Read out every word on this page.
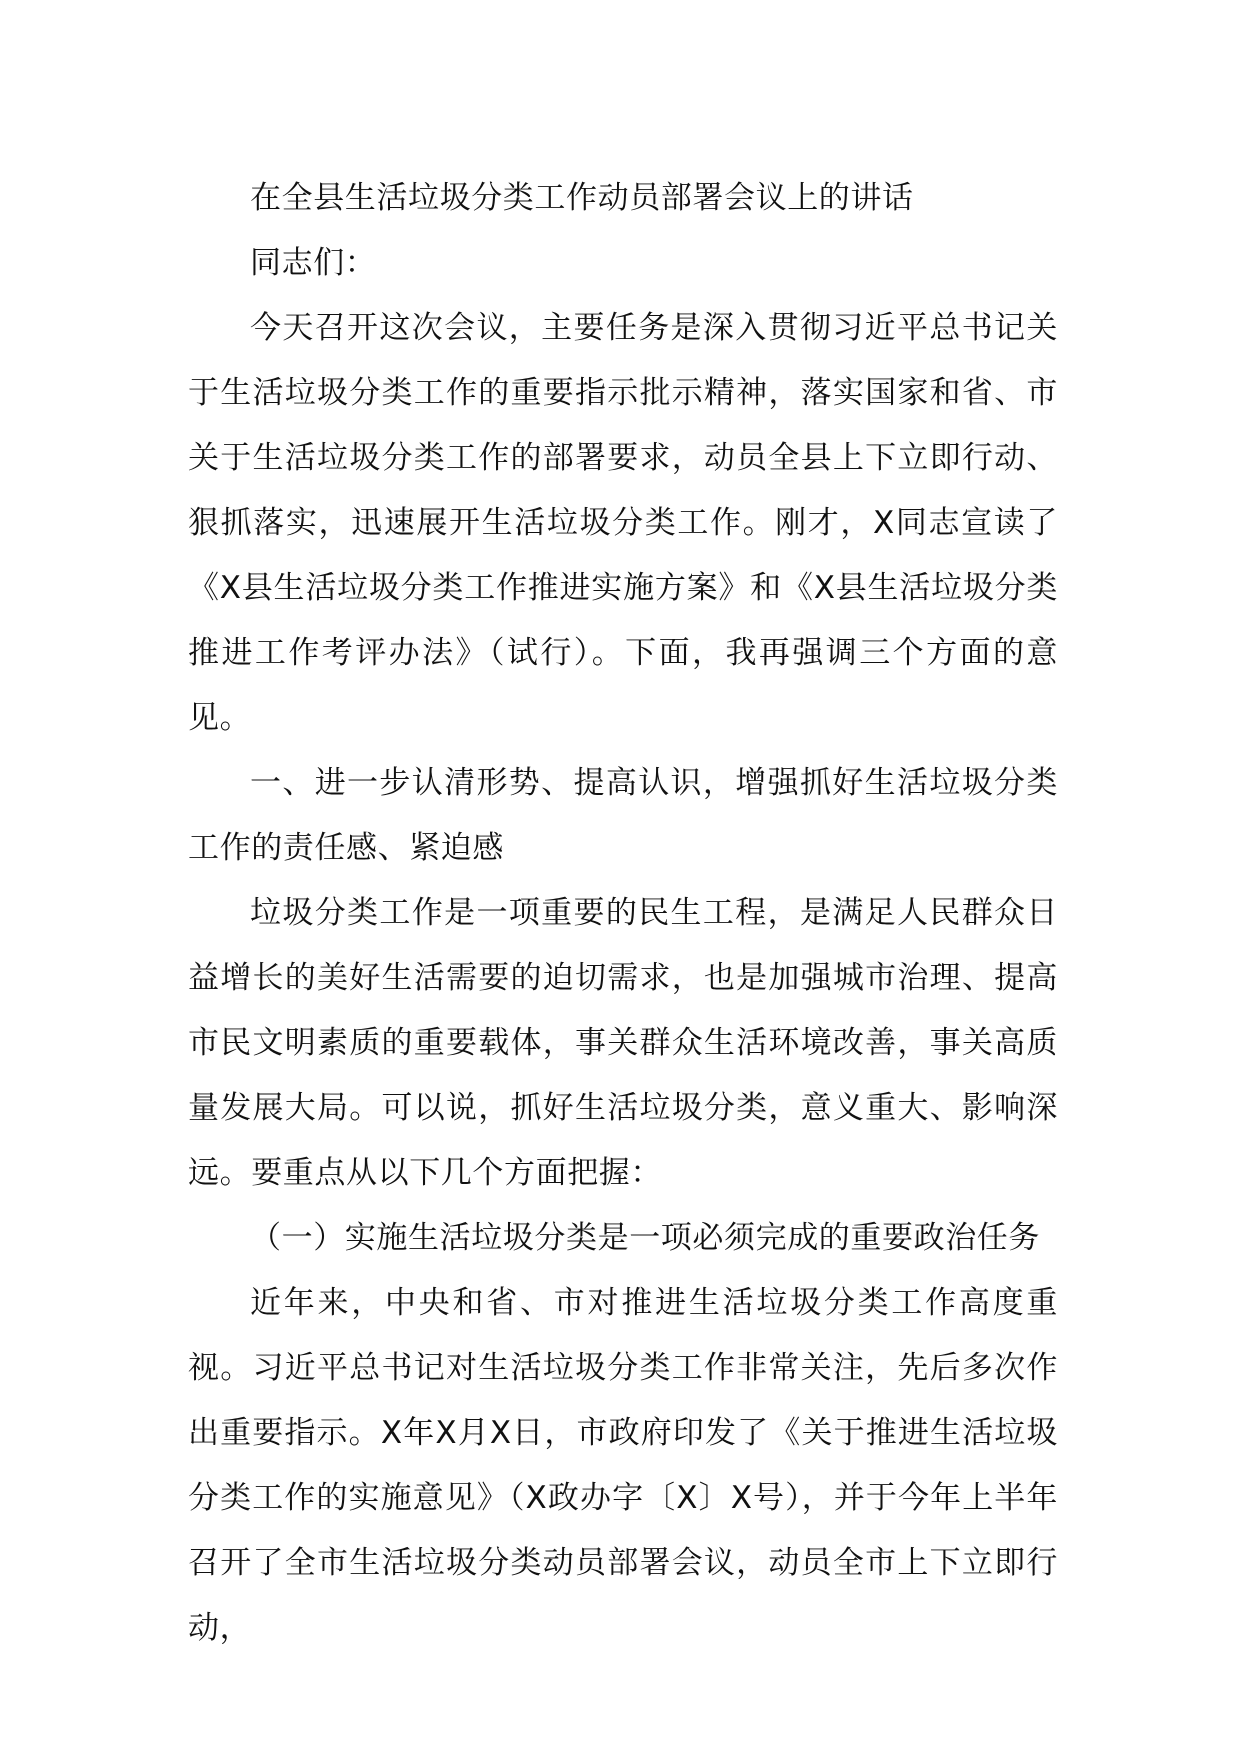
在全县生活垃圾分类工作动员部署会议上的讲话

同志们：

今天召开这次会议，主要任务是深入贯彻习近平总书记关于生活垃圾分类工作的重要指示批示精神，落实国家和省、市关于生活垃圾分类工作的部署要求，动员全县上下立即行动、狠抓落实，迅速展开生活垃圾分类工作。刚才，X同志宣读了《X县生活垃圾分类工作推进实施方案》和《X县生活垃圾分类推进工作考评办法》（试行）。下面，我再强调三个方面的意见。

一、进一步认清形势、提高认识，增强抓好生活垃圾分类工作的责任感、紧迫感

垃圾分类工作是一项重要的民生工程，是满足人民群众日益增长的美好生活需要的迫切需求，也是加强城市治理、提高市民文明素质的重要载体，事关群众生活环境改善，事关高质量发展大局。可以说，抓好生活垃圾分类，意义重大、影响深远。要重点从以下几个方面把握：

（一）实施生活垃圾分类是一项必须完成的重要政治任务

近年来，中央和省、市对推进生活垃圾分类工作高度重视。习近平总书记对生活垃圾分类工作非常关注，先后多次作出重要指示。X年X月X日，市政府印发了《关于推进生活垃圾分类工作的实施意见》（X政办字〔X〕X号），并于今年上半年召开了全市生活垃圾分类动员部署会议，动员全市上下立即行动，
